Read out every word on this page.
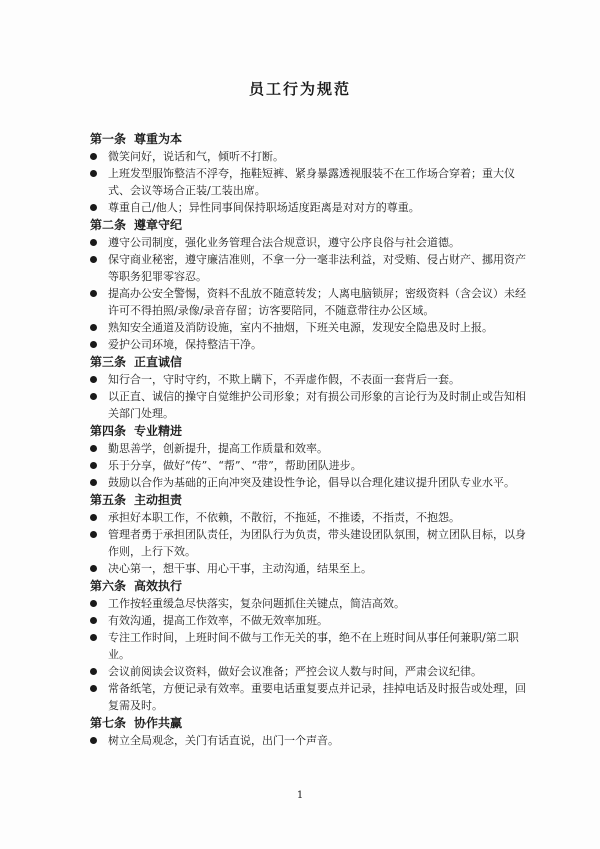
员工行为规范
第一条 尊重为本
微笑问好，说话和气，倾听不打断。
上班发型服饰整洁不浮夸，拖鞋短裤、紧身暴露透视服装不在工作场合穿着；重大仪式、会议等场合正装/工装出席。
尊重自己/他人；异性同事间保持职场适度距离是对对方的尊重。
第二条 遵章守纪
遵守公司制度，强化业务管理合法合规意识，遵守公序良俗与社会道德。
保守商业秘密，遵守廉洁准则，不拿一分一毫非法利益，对受贿、侵占财产、挪用资产等职务犯罪零容忍。
提高办公安全警惕，资料不乱放不随意转发；人离电脑锁屏；密级资料（含会议）未经许可不得拍照/录像/录音存留；访客要陪同，不随意带往办公区域。
熟知安全通道及消防设施，室内不抽烟，下班关电源，发现安全隐患及时上报。
爱护公司环境，保持整洁干净。
第三条 正直诚信
知行合一，守时守约，不欺上瞒下，不弄虚作假，不表面一套背后一套。
以正直、诚信的操守自觉维护公司形象；对有损公司形象的言论行为及时制止或告知相关部门处理。
第四条 专业精进
勤思善学，创新提升，提高工作质量和效率。
乐于分享，做好“传”、“帮”、“带”，帮助团队进步。
鼓励以合作为基础的正向冲突及建设性争论，倡导以合理化建议提升团队专业水平。
第五条 主动担责
承担好本职工作，不依赖，不散衍，不拖延，不推诿，不指责，不抱怨。
管理者勇于承担团队责任，为团队行为负责，带头建设团队氛围，树立团队目标，以身作则，上行下效。
决心第一，想干事、用心干事，主动沟通，结果至上。
第六条 高效执行
工作按轻重缓急尽快落实，复杂问题抓住关键点，简洁高效。
有效沟通，提高工作效率，不做无效率加班。
专注工作时间，上班时间不做与工作无关的事，绝不在上班时间从事任何兼职/第二职业。
会议前阅读会议资料，做好会议准备；严控会议人数与时间，严肃会议纪律。
常备纸笔，方便记录有效率。重要电话重复要点并记录，挂掉电话及时报告或处理，回复需及时。
第七条 协作共赢
树立全局观念，关门有话直说，出门一个声音。
1
